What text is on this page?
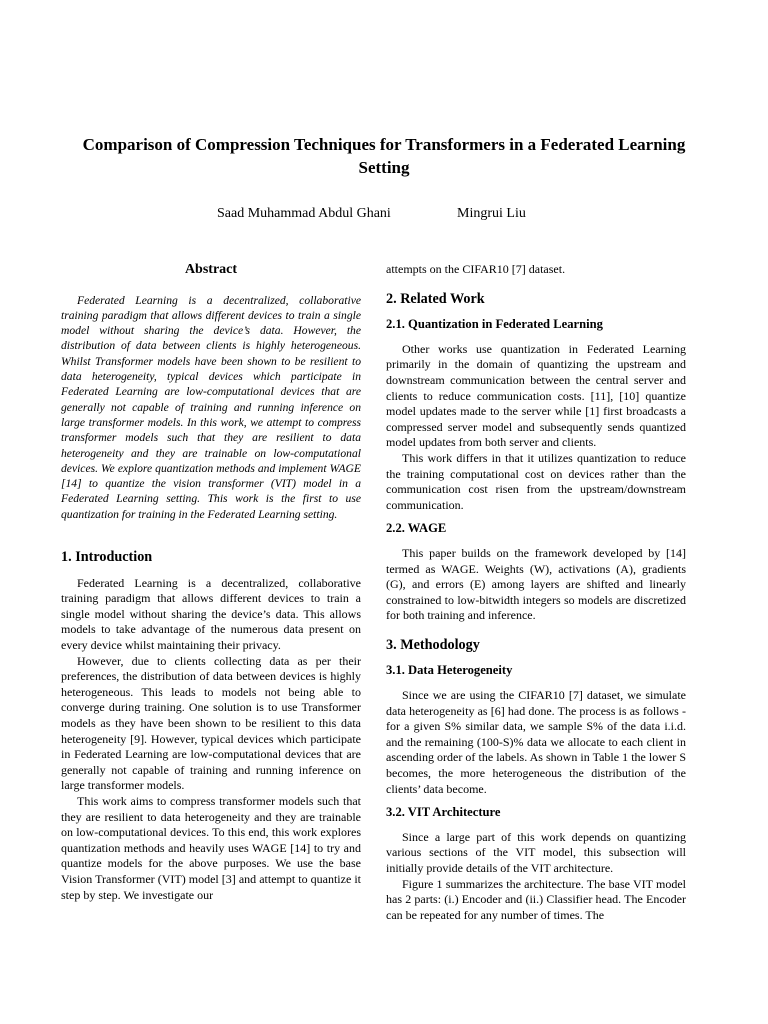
Comparison of Compression Techniques for Transformers in a Federated Learning Setting
Saad Muhammad Abdul Ghani	Mingrui Liu
Abstract

Federated Learning is a decentralized, collaborative training paradigm that allows different devices to train a single model without sharing the device’s data. However, the distribution of data between clients is highly heterogeneous. Whilst Transformer models have been shown to be resilient to data heterogeneity, typical devices which participate in Federated Learning are low-computational devices that are generally not capable of training and running inference on large transformer models. In this work, we attempt to compress transformer models such that they are resilient to data heterogeneity and they are trainable on low-computational devices. We explore quantization methods and implement WAGE [14] to quantize the vision transformer (VIT) model in a Federated Learning setting. This work is the first to use quantization for training in the Federated Learning setting.

1. Introduction

Federated Learning is a decentralized, collaborative training paradigm that allows different devices to train a single model without sharing the device’s data. This allows models to take advantage of the numerous data present on every device whilst maintaining their privacy.

However, due to clients collecting data as per their preferences, the distribution of data between devices is highly heterogeneous. This leads to models not being able to converge during training. One solution is to use Transformer models as they have been shown to be resilient to this data heterogeneity [9]. However, typical devices which participate in Federated Learning are low-computational devices that are generally not capable of training and running inference on large transformer models.

This work aims to compress transformer models such that they are resilient to data heterogeneity and they are trainable on low-computational devices. To this end, this work explores quantization methods and heavily uses WAGE [14] to try and quantize models for the above purposes. We use the base Vision Transformer (VIT) model [3] and attempt to quantize it step by step. We investigate our

attempts on the CIFAR10 [7] dataset.

2. Related Work
2.1. Quantization in Federated Learning

Other works use quantization in Federated Learning primarily in the domain of quantizing the upstream and downstream communication between the central server and clients to reduce communication costs. [11], [10] quantize model updates made to the server while [1] first broadcasts a compressed server model and subsequently sends quantized model updates from both server and clients.

This work differs in that it utilizes quantization to reduce the training computational cost on devices rather than the communication cost risen from the upstream/downstream communication.

2.2. WAGE

This paper builds on the framework developed by [14] termed as WAGE. Weights (W), activations (A), gradients (G), and errors (E) among layers are shifted and linearly constrained to low-bitwidth integers so models are discretized for both training and inference.

3. Methodology
3.1. Data Heterogeneity

Since we are using the CIFAR10 [7] dataset, we simulate data heterogeneity as [6] had done. The process is as follows - for a given S% similar data, we sample S% of the data i.i.d. and the remaining (100-S)% data we allocate to each client in ascending order of the labels. As shown in Table 1 the lower S becomes, the more heterogeneous the distribution of the clients’ data become.

3.2. VIT Architecture

Since a large part of this work depends on quantizing various sections of the VIT model, this subsection will initially provide details of the VIT architecture.

Figure 1 summarizes the architecture. The base VIT model has 2 parts: (i.) Encoder and (ii.) Classifier head. The Encoder can be repeated for any number of times. The
